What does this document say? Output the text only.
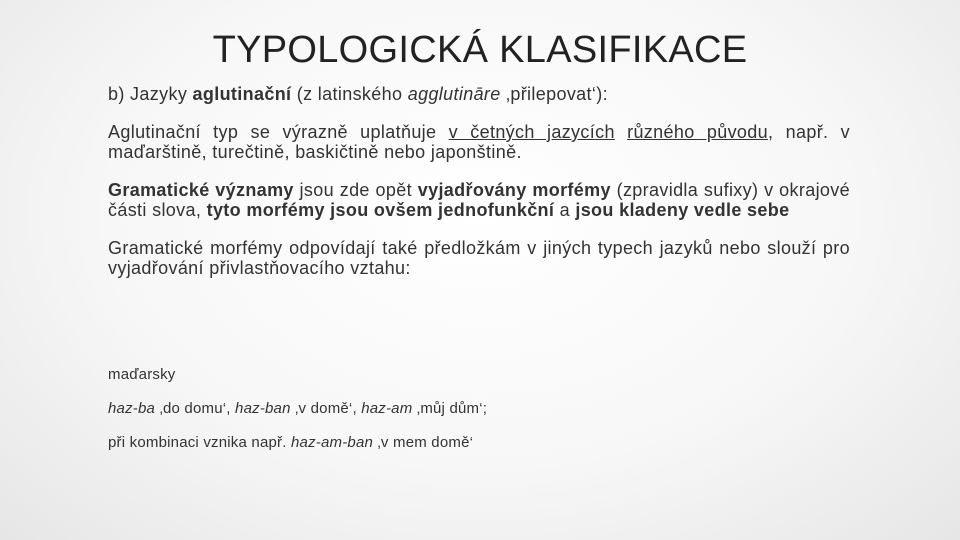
TYPOLOGICKÁ KLASIFIKACE

b) Jazyky aglutinační (z latinského agglutināre ‚přilepovat‘):

Aglutinační typ se výrazně uplatňuje v četných jazycích různého původu, např. v maďarštině, turečtině, baskičtině nebo japonštině.

Gramatické významy jsou zde opět vyjadřovány morfémy (zpravidla sufixy) v okrajové části slova, tyto morfémy jsou ovšem jednofunkční a jsou kladeny vedle sebe

Gramatické morfémy odpovídají také předložkám v jiných typech jazyků nebo slouží pro vyjadřování přivlastňovacího vztahu:

maďarsky
haz-ba ‚do domu‘, haz-ban ‚v domě‘, haz-am ‚můj dům‘;
při kombinaci vznika např. haz-am-ban ‚v mem domě‘
